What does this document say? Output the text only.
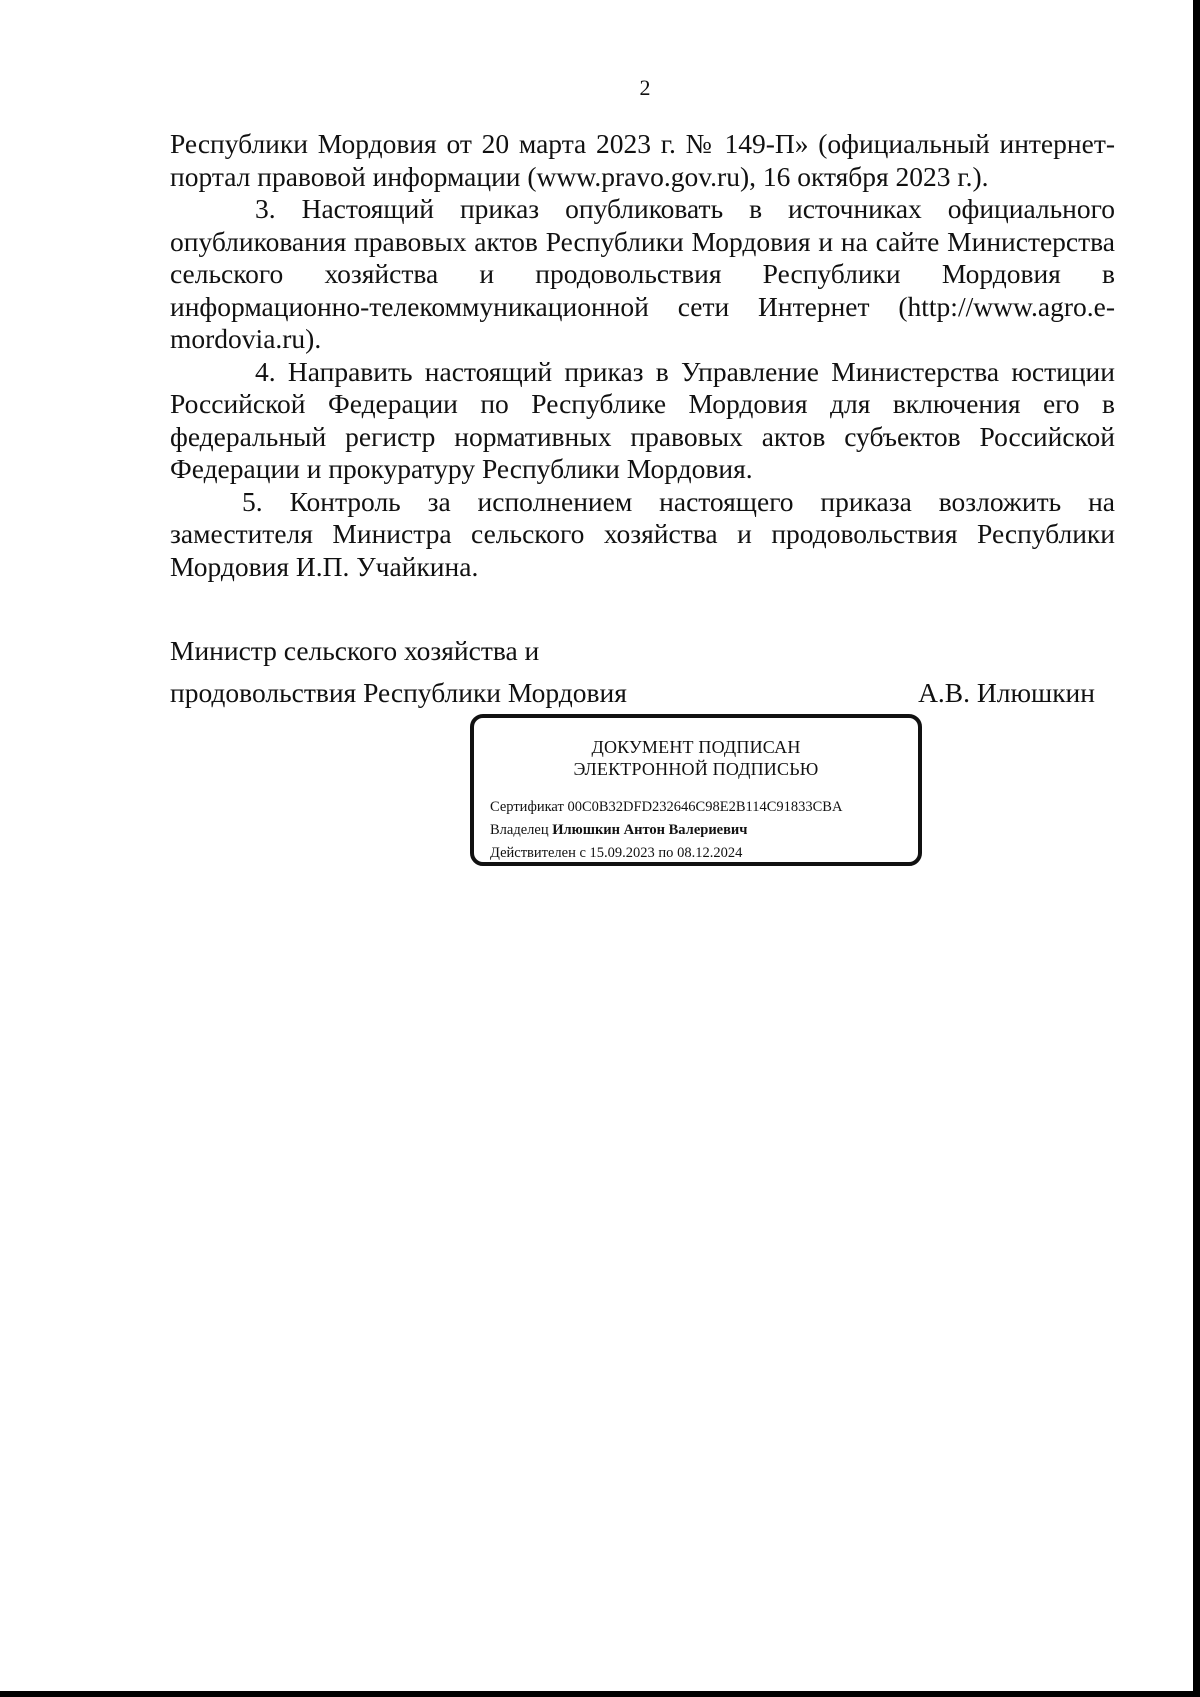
2

Республики Мордовия от 20 марта 2023 г. № 149-П» (официальный интернет-портал правовой информации (www.pravo.gov.ru), 16 октября 2023 г.).

3. Настоящий приказ опубликовать в источниках официального опубликования правовых актов Республики Мордовия и на сайте Министерства сельского хозяйства и продовольствия Республики Мордовия в информационно-телекоммуникационной сети Интернет (http://www.agro.e-mordovia.ru).

4. Направить настоящий приказ в Управление Министерства юстиции Российской Федерации по Республике Мордовия для включения его в федеральный регистр нормативных правовых актов субъектов Российской Федерации и прокуратуру Республики Мордовия.

5. Контроль за исполнением настоящего приказа возложить на заместителя Министра сельского хозяйства и продовольствия Республики Мордовия И.П. Учайкина.

Министр сельского хозяйства и
продовольствия Республики Мордовия	А.В. Илюшкин
ДОКУМЕНТ ПОДПИСАН
ЭЛЕКТРОННОЙ ПОДПИСЬЮ
Сертификат 00C0B32DFD232646C98E2B114C91833CBA
Владелец Илюшкин Антон Валериевич
Действителен с 15.09.2023 по 08.12.2024
